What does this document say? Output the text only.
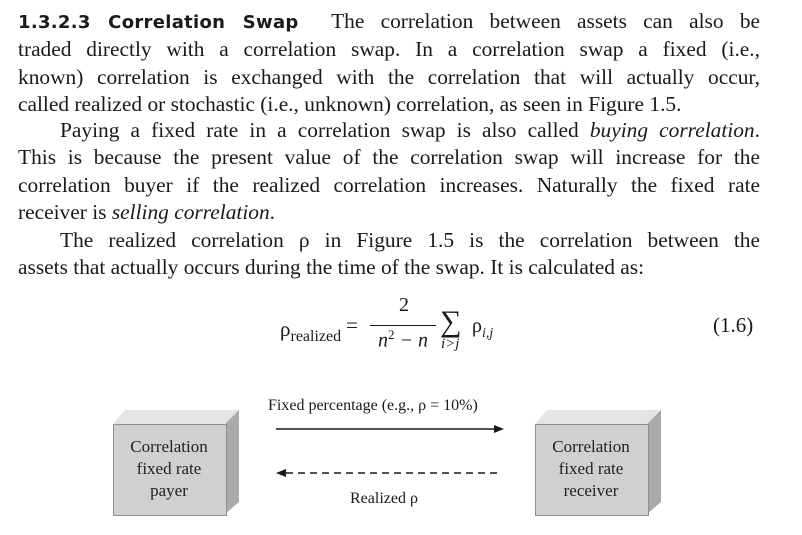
1.3.2.3 Correlation Swap The correlation between assets can also be
traded directly with a correlation swap. In a correlation swap a fixed (i.e.,
known) correlation is exchanged with the correlation that will actually occur,
called realized or stochastic (i.e., unknown) correlation, as seen in Figure 1.5.

Paying a fixed rate in a correlation swap is also called buying correlation.
This is because the present value of the correlation swap will increase for the
correlation buyer if the realized correlation increases. Naturally the fixed rate
receiver is selling correlation.

The realized correlation ρ in Figure 1.5 is the correlation between the
assets that actually occurs during the time of the swap. It is calculated as:

$\rho_{realized}$ =
2
$n^2 - n$
∑
i>j
$\rho_{i,j}$	(1.6)
Correlation
fixed rate
payer
Correlation
fixed rate
receiver
Fixed percentage (e.g., ρ = 10%)
Realized ρ
